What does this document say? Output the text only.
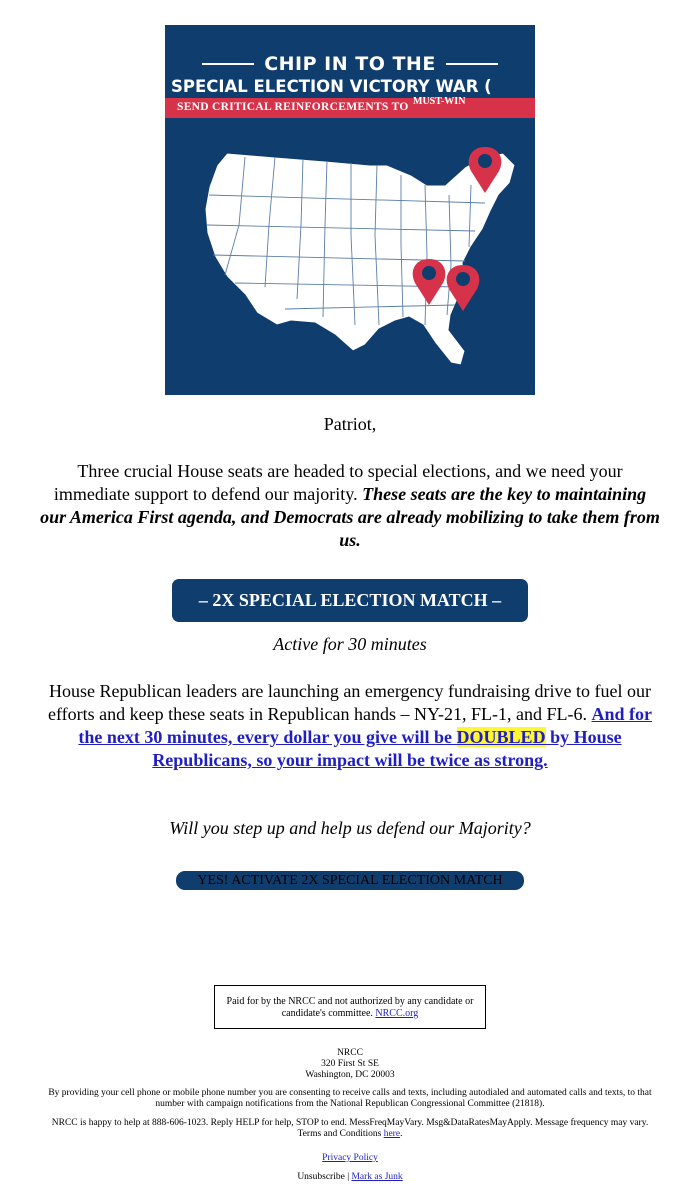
CHIP IN TO THE
SPECIAL ELECTION VICTORY WAR (
SEND CRITICAL REINFORCEMENTS TO MUST-WIN
Patriot,
Three crucial House seats are headed to special elections, and we need your immediate support to defend our majority. These seats are the key to maintaining our America First agenda, and Democrats are already mobilizing to take them from us.
– 2X SPECIAL ELECTION MATCH –
Active for 30 minutes
House Republican leaders are launching an emergency fundraising drive to fuel our efforts and keep these seats in Republican hands – NY-21, FL-1, and FL-6. And for the next 30 minutes, every dollar you give will be DOUBLED by House Republicans, so your impact will be twice as strong.
Will you step up and help us defend our Majority?
YES! ACTIVATE 2X SPECIAL ELECTION MATCH
Paid for by the NRCC and not authorized by any candidate or candidate's committee. NRCC.org
NRCC
320 First St SE
Washington, DC 20003
By providing your cell phone or mobile phone number you are consenting to receive calls and texts, including autodialed and automated calls and texts, to that number with campaign notifications from the National Republican Congressional Committee (21818).
NRCC is happy to help at 888-606-1023. Reply HELP for help, STOP to end. MessFreqMayVary. Msg&DataRatesMayApply. Message frequency may vary. Terms and Conditions here.
Privacy Policy
Unsubscribe | Mark as Junk
